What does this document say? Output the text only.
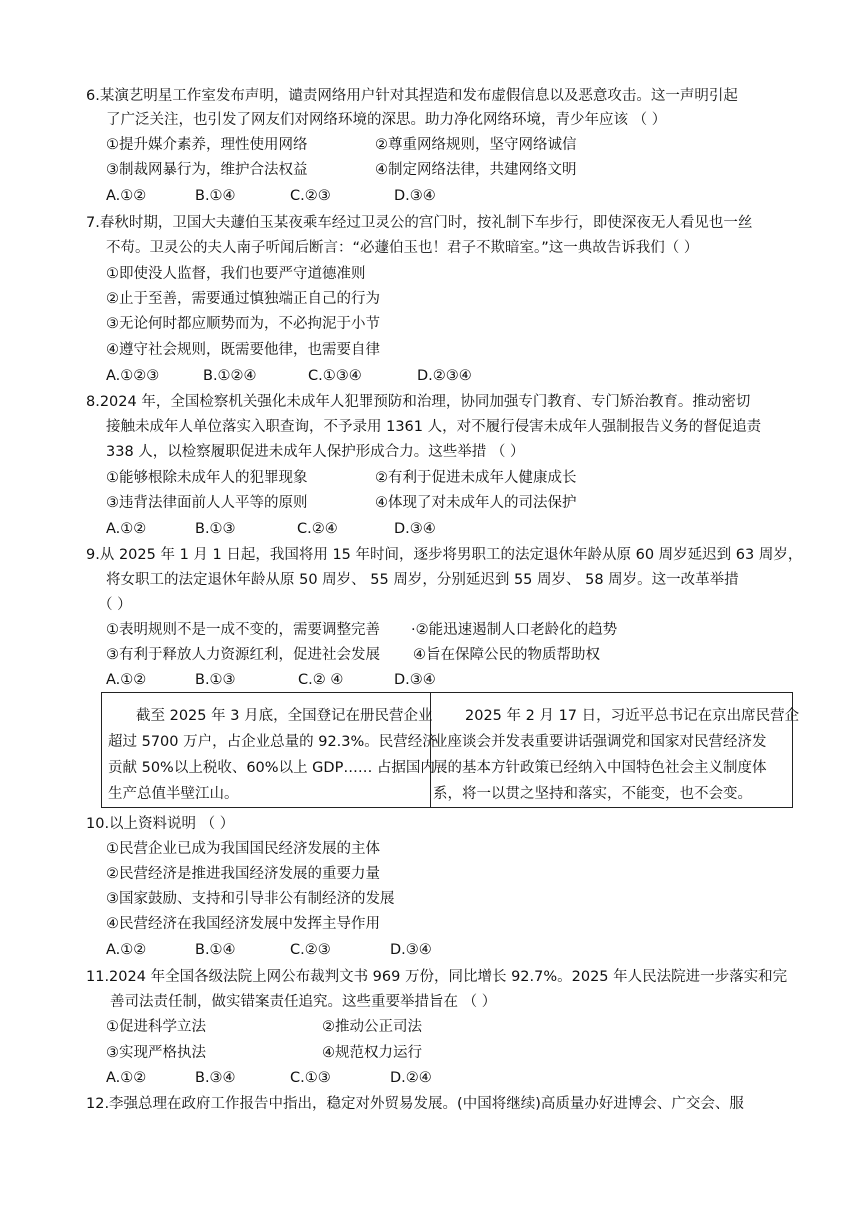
6.某演艺明星工作室发布声明，谴责网络用户针对其捏造和发布虚假信息以及恶意攻击。这一声明引起
了广泛关注，也引发了网友们对网络环境的深思。助力净化网络环境，青少年应该 （ ）
①提升媒介素养，理性使用网络	②尊重网络规则，坚守网络诚信
③制裁网暴行为，维护合法权益	④制定网络法律，共建网络文明
A.①②	B.①④	C.②③	D.③④
7.春秋时期，卫国大夫蘧伯玉某夜乘车经过卫灵公的宫门时，按礼制下车步行，即使深夜无人看见也一丝
不苟。卫灵公的夫人南子听闻后断言：“必蘧伯玉也！君子不欺暗室。”这一典故告诉我们（ ）
①即使没人监督，我们也要严守道德准则
②止于至善，需要通过慎独端正自己的行为
③无论何时都应顺势而为，不必拘泥于小节
④遵守社会规则，既需要他律，也需要自律
A.①②③	B.①②④	C.①③④	D.②③④
8.2024 年，全国检察机关强化未成年人犯罪预防和治理，协同加强专门教育、专门矫治教育。推动密切
接触未成年人单位落实入职查询，不予录用 1361 人，对不履行侵害未成年人强制报告义务的督促追责
338 人，以检察履职促进未成年人保护形成合力。这些举措 （ ）
①能够根除未成年人的犯罪现象	②有利于促进未成年人健康成长
③违背法律面前人人平等的原则	④体现了对未成年人的司法保护
A.①②	B.①③	C.②④	D.③④
9.从 2025 年 1 月 1 日起，我国将用 15 年时间，逐步将男职工的法定退休年龄从原 60 周岁延迟到 63 周岁，
将女职工的法定退休年龄从原 50 周岁、 55 周岁，分别延迟到 55 周岁、 58 周岁。这一改革举措
（ ）
①表明规则不是一成不变的，需要调整完善 ·②能迅速遏制人口老龄化的趋势
③有利于释放人力资源红利，促进社会发展 ④旨在保障公民的物质帮助权
A.①②	B.①③	C.② ④	D.③④
截至 2025 年 3 月底，全国登记在册民营企业
超过 5700 万户，占企业总量的 92.3%。民营经济
贡献 50%以上税收、60%以上 GDP…… 占据国内
生产总值半壁江山。
2025 年 2 月 17 日，习近平总书记在京出席民营企
业座谈会并发表重要讲话强调党和国家对民营经济发
展的基本方针政策已经纳入中国特色社会主义制度体
系，将一以贯之坚持和落实，不能变，也不会变。
10.以上资料说明 （ ）
①民营企业已成为我国国民经济发展的主体
②民营经济是推进我国经济发展的重要力量
③国家鼓励、支持和引导非公有制经济的发展
④民营经济在我国经济发展中发挥主导作用
A.①②	B.①④	C.②③	D.③④
11.2024 年全国各级法院上网公布裁判文书 969 万份，同比增长 92.7%。2025 年人民法院进一步落实和完
善司法责任制，做实错案责任追究。这些重要举措旨在 （ ）
①促进科学立法	②推动公正司法
③实现严格执法	④规范权力运行
A.①②	B.③④	C.①③	D.②④
12.李强总理在政府工作报告中指出，稳定对外贸易发展。(中国将继续)高质量办好进博会、广交会、服
